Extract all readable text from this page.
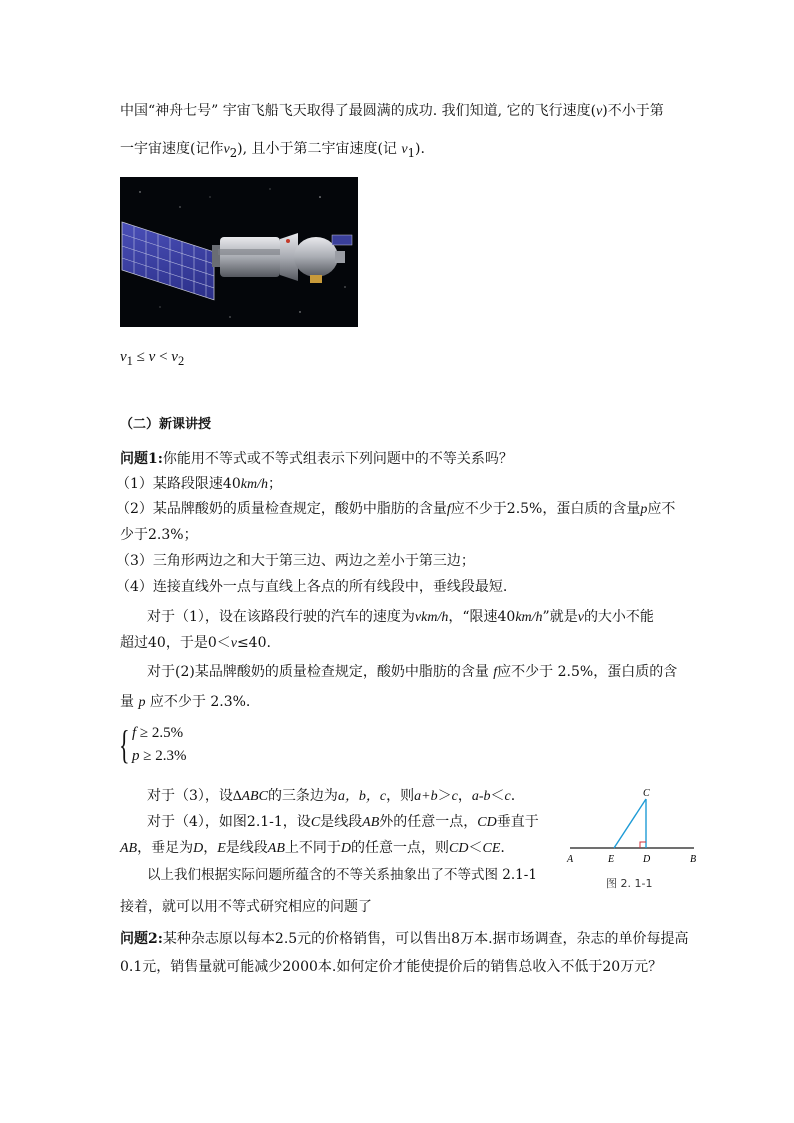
中国“神舟七号” 宇宙飞船飞天取得了最圆满的成功. 我们知道, 它的飞行速度(v)不小于第
一宇宙速度(记作$v_2$), 且小于第二宇宙速度(记 $v_1$).
$v_1 \le v < v_2$
（二）新课讲授
问题1:你能用不等式或不等式组表示下列问题中的不等关系吗？
（1）某路段限速40km/h；
（2）某品牌酸奶的质量检查规定，酸奶中脂肪的含量f应不少于2.5%，蛋白质的含量p应不
少于2.3%；
（3）三角形两边之和大于第三边、两边之差小于第三边；
（4）连接直线外一点与直线上各点的所有线段中，垂线段最短.
对于（1），设在该路段行驶的汽车的速度为vkm/h，“限速40km/h”就是v的大小不能
超过40，于是0＜v≤40.
对于(2)某品牌酸奶的质量检查规定，酸奶中脂肪的含量 f应不少于 2.5%，蛋白质的含
量 p 应不少于 2.3%.
{ f ≥ 2.5%
p ≥ 2.3%
对于（3），设∆ABC的三条边为a，b，c，则a+b＞c，a-b＜c.
对于（4），如图2.1-1，设C是线段AB外的任意一点，CD垂直于
AB，垂足为D，E是线段AB上不同于D的任意一点，则CD＜CE.
以上我们根据实际问题所蕴含的不等关系抽象出了不等式图 2.1-1
接着，就可以用不等式研究相应的问题了
A	E	D	B
C
图 2. 1-1
问题2:某种杂志原以每本2.5元的价格销售，可以售出8万本.据市场调查，杂志的单价每提高
0.1元，销售量就可能减少2000本.如何定价才能使提价后的销售总收入不低于20万元？
